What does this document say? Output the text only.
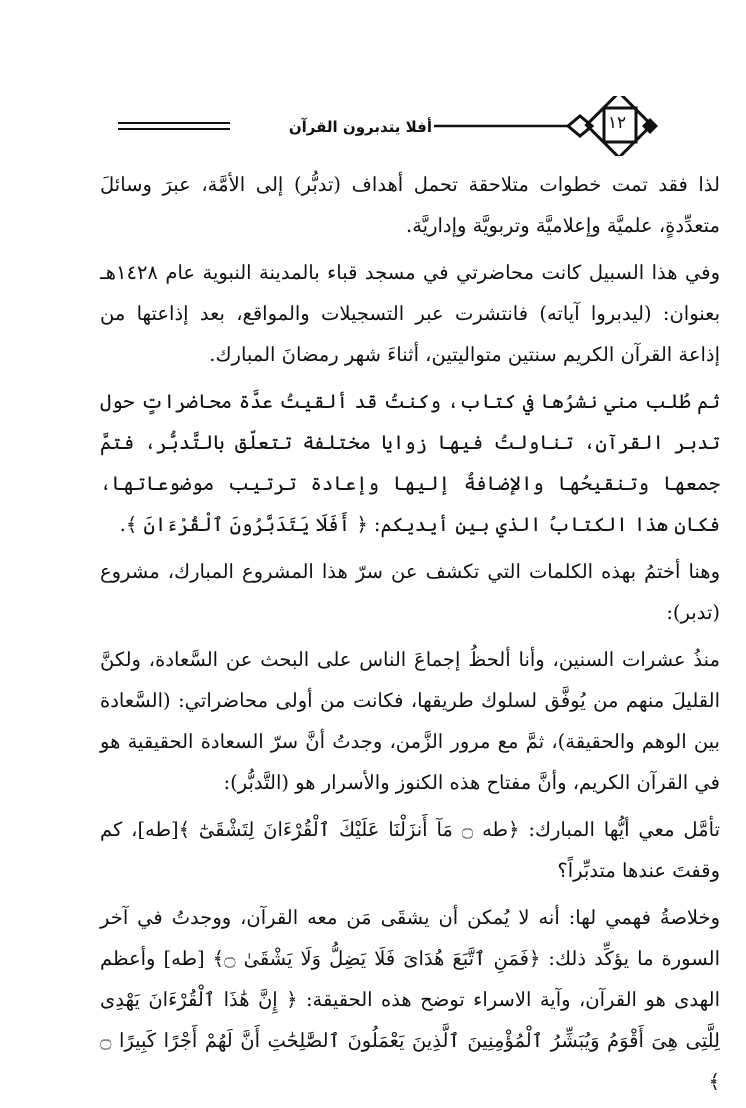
أفلا يتدبرون القرآن	١٢

لذا فقد تمت خطوات متلاحقة تحمل أهداف (تدبُّر) إلى الأمَّة، عبرَ وسائلَ متعدِّدةٍ، علميَّة وإعلاميَّة وتربويَّة وإداريَّة.

وفي هذا السبيل كانت محاضرتي في مسجد قباء بالمدينة النبوية عام ١٤٢٨هـ بعنوان: (ليدبروا آياته) فانتشرت عبر التسجيلات والمواقع، بعد إذاعتها من إذاعة القرآن الكريم سنتين متواليتين، أثناءَ شهر رمضانَ المبارك.

ثم طُلب مني نشرُها في كتاب، وكنتُ قد ألقيتُ عدَّة محاضراتٍ حول تدبر القرآن، تناولتُ فيها زوايا مختلفة تتعلّق بالتَّدبُّر، فتمَّ جمعها وتنقيحُها والإضافةُ إليها وإعادة ترتيب موضوعاتها، فكان هذا الكتابُ الذي بين أيديكم: ﴿ أَفَلَا يَتَدَبَّرُونَ ٱلْقُرْءَانَ ﴾.

وهنا أختمُ بهذه الكلمات التي تكشف عن سرّ هذا المشروع المبارك، مشروع (تدبر):

منذُ عشرات السنين، وأنا ألحظُ إجماعَ الناس على البحث عن السَّعادة، ولكنَّ القليلَ منهم من يُوفَّق لسلوك طريقها، فكانت من أولى محاضراتي: (السَّعادة بين الوهم والحقيقة)، ثمَّ مع مرور الزَّمن، وجدتُ أنَّ سرّ السعادة الحقيقية هو في القرآن الكريم، وأنَّ مفتاح هذه الكنوز والأسرار هو (التَّدبُّر):

تأمَّل معي أيُّها المبارك: ﴿طه ۝ مَآ أَنزَلْنَا عَلَيْكَ ٱلْقُرْءَانَ لِتَشْقَىٰٓ ﴾[طه]، كم وقفتَ عندها متدبِّراً؟

وخلاصةُ فهمي لها: أنه لا يُمكن أن يشقَى مَن معه القرآن، ووجدتُ في آخر السورة ما يؤكِّد ذلك: ﴿فَمَنِ ٱتَّبَعَ هُدَاىَ فَلَا يَضِلُّ وَلَا يَشْقَىٰ ۝﴾ [طه] وأعظم الهدى هو القرآن، وآية الاسراء توضح هذه الحقيقة: ﴿ إِنَّ هَٰذَا ٱلْقُرْءَانَ يَهْدِى لِلَّتِى هِىَ أَقْوَمُ وَيُبَشِّرُ ٱلْمُؤْمِنِينَ ٱلَّذِينَ يَعْمَلُونَ ٱلصَّٰلِحَٰتِ أَنَّ لَهُمْ أَجْرًا كَبِيرًا ۝ ﴾
